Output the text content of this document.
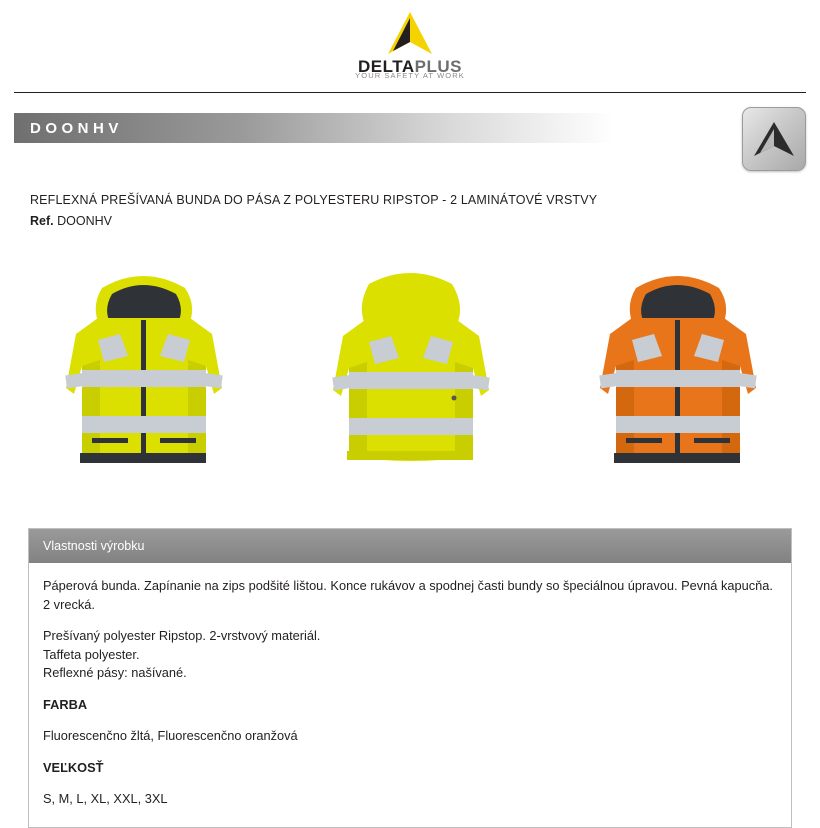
DELTAPLUS
YOUR SAFETY AT WORK
DOONHV
REFLEXNÁ PREŠÍVANÁ BUNDA DO PÁSA Z POLYESTERU RIPSTOP - 2 LAMINÁTOVÉ VRSTVY
Ref. DOONHV
Vlastnosti výrobku

Páperová bunda. Zapínanie na zips podšité lištou. Konce rukávov a spodnej časti bundy so špeciálnou úpravou. Pevná kapucňa. 2 vrecká.

Prešívaný polyester Ripstop. 2-vrstvový materiál.

Taffeta polyester.

Reflexné pásy: našívané.

FARBA

Fluorescenčno žltá, Fluorescenčno oranžová

VEĽKOSŤ

S, M, L, XL, XXL, 3XL
